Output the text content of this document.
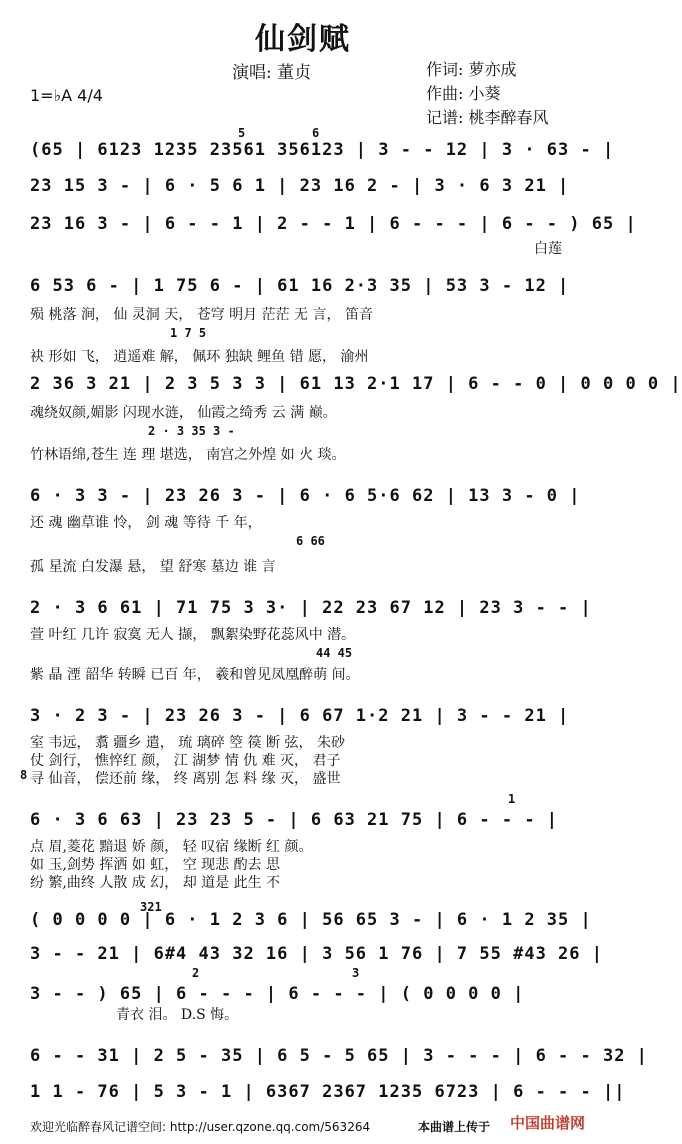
仙剑赋
演唱: 董贞
1=♭A 4/4
作词: 萝亦成
作曲: 小葵
记谱: 桃李醉春风
5	6
(65 | 6123 1235 23561 356123 | 3 - - 12 | 3 · 63 - |
23 15 3 - | 6 · 5 6 1 | 23 16 2 - | 3 · 6 3 21 |
23 16 3 - | 6 - - 1 | 2 - - 1 | 6 - - - | 6 - - ) 65 |
白莲
6 53 6 - | 1 75 6 - | 61 16 2·3 35 | 53 3 - 12 |
殒 桃落 涧， 仙 灵洞 天， 苍穹 明月 茫茫 无 言， 笛音
1 7 5
袂 形如 飞， 逍遥难 解， 佩环 独缺 鲤鱼 错 愿， 渝州
2 36 3 21 | 2 3 5 3 3 | 61 13 2·1 17 | 6 - - 0 | 0 0 0 0 |
魂绕奴颜,媚影 闪现水涟， 仙霞之绮秀 云 满 巅。
2 · 3 35 3 -
竹林语绵,苍生 连 理 堪选， 南宫之外煌 如 火 琰。
6 · 3 3 - | 23 26 3 - | 6 · 6 5·6 62 | 13 3 - 0 |
还 魂 幽草谁 怜， 剑 魂 等待 千 年，
6 66
孤 星流 白发瀑 悬， 望 舒寒 墓边 谁 言
2 · 3 6 61 | 71 75 3 3· | 22 23 67 12 | 23 3 - - |
萱 叶红 几许 寂寞 无人 撷， 飘絮染野花蕊风中 潜。
44 45
紫 晶 湮 韶华 转瞬 已百 年， 羲和曾见凤凰醉萌 间。
3 · 2 3 - | 23 26 3 - | 6 67 1·2 21 | 3 - - 21 |
室 韦远， 翥 疆乡 遣， 琉 璃碎 箜 篌 断 弦， 朱砂
仗 剑行， 憔悴红 颜， 江 湖梦 情 仇 难 灭， 君子
8 寻 仙音， 偿还前 缘， 终 离别 怎 料 缘 灭， 盛世
1
6 · 3 6 63 | 23 23 5 - | 6 63 21 75 | 6 - - - |
点 眉,菱花 黯退 娇 颜， 轻 叹宿 缘断 红 颜。
如 玉,剑势 挥洒 如 虹， 空 现悲 酌去 思
纷 繁,曲终 人散 成 幻， 却 道是 此生 不
321
( 0 0 0 0 | 6 · 1 2 3 6 | 56 65 3 - | 6 · 1 2 35 |
3 - - 21 | 6#4 43 32 16 | 3 56 1 76 | 7 55 #43 26 |
2	3
3 - - ) 65 | 6 - - - | 6 - - - | ( 0 0 0 0 |
青衣 泪。 D.S 悔。
6 - - 31 | 2 5 - 35 | 6 5 - 5 65 | 3 - - - | 6 - - 32 |
1 1 - 76 | 5 3 - 1 | 6367 2367 1235 6723 | 6 - - - ||
欢迎光临醉春风记谱空间: http://user.qzone.qq.com/563264	本曲谱上传于 中国曲谱网
